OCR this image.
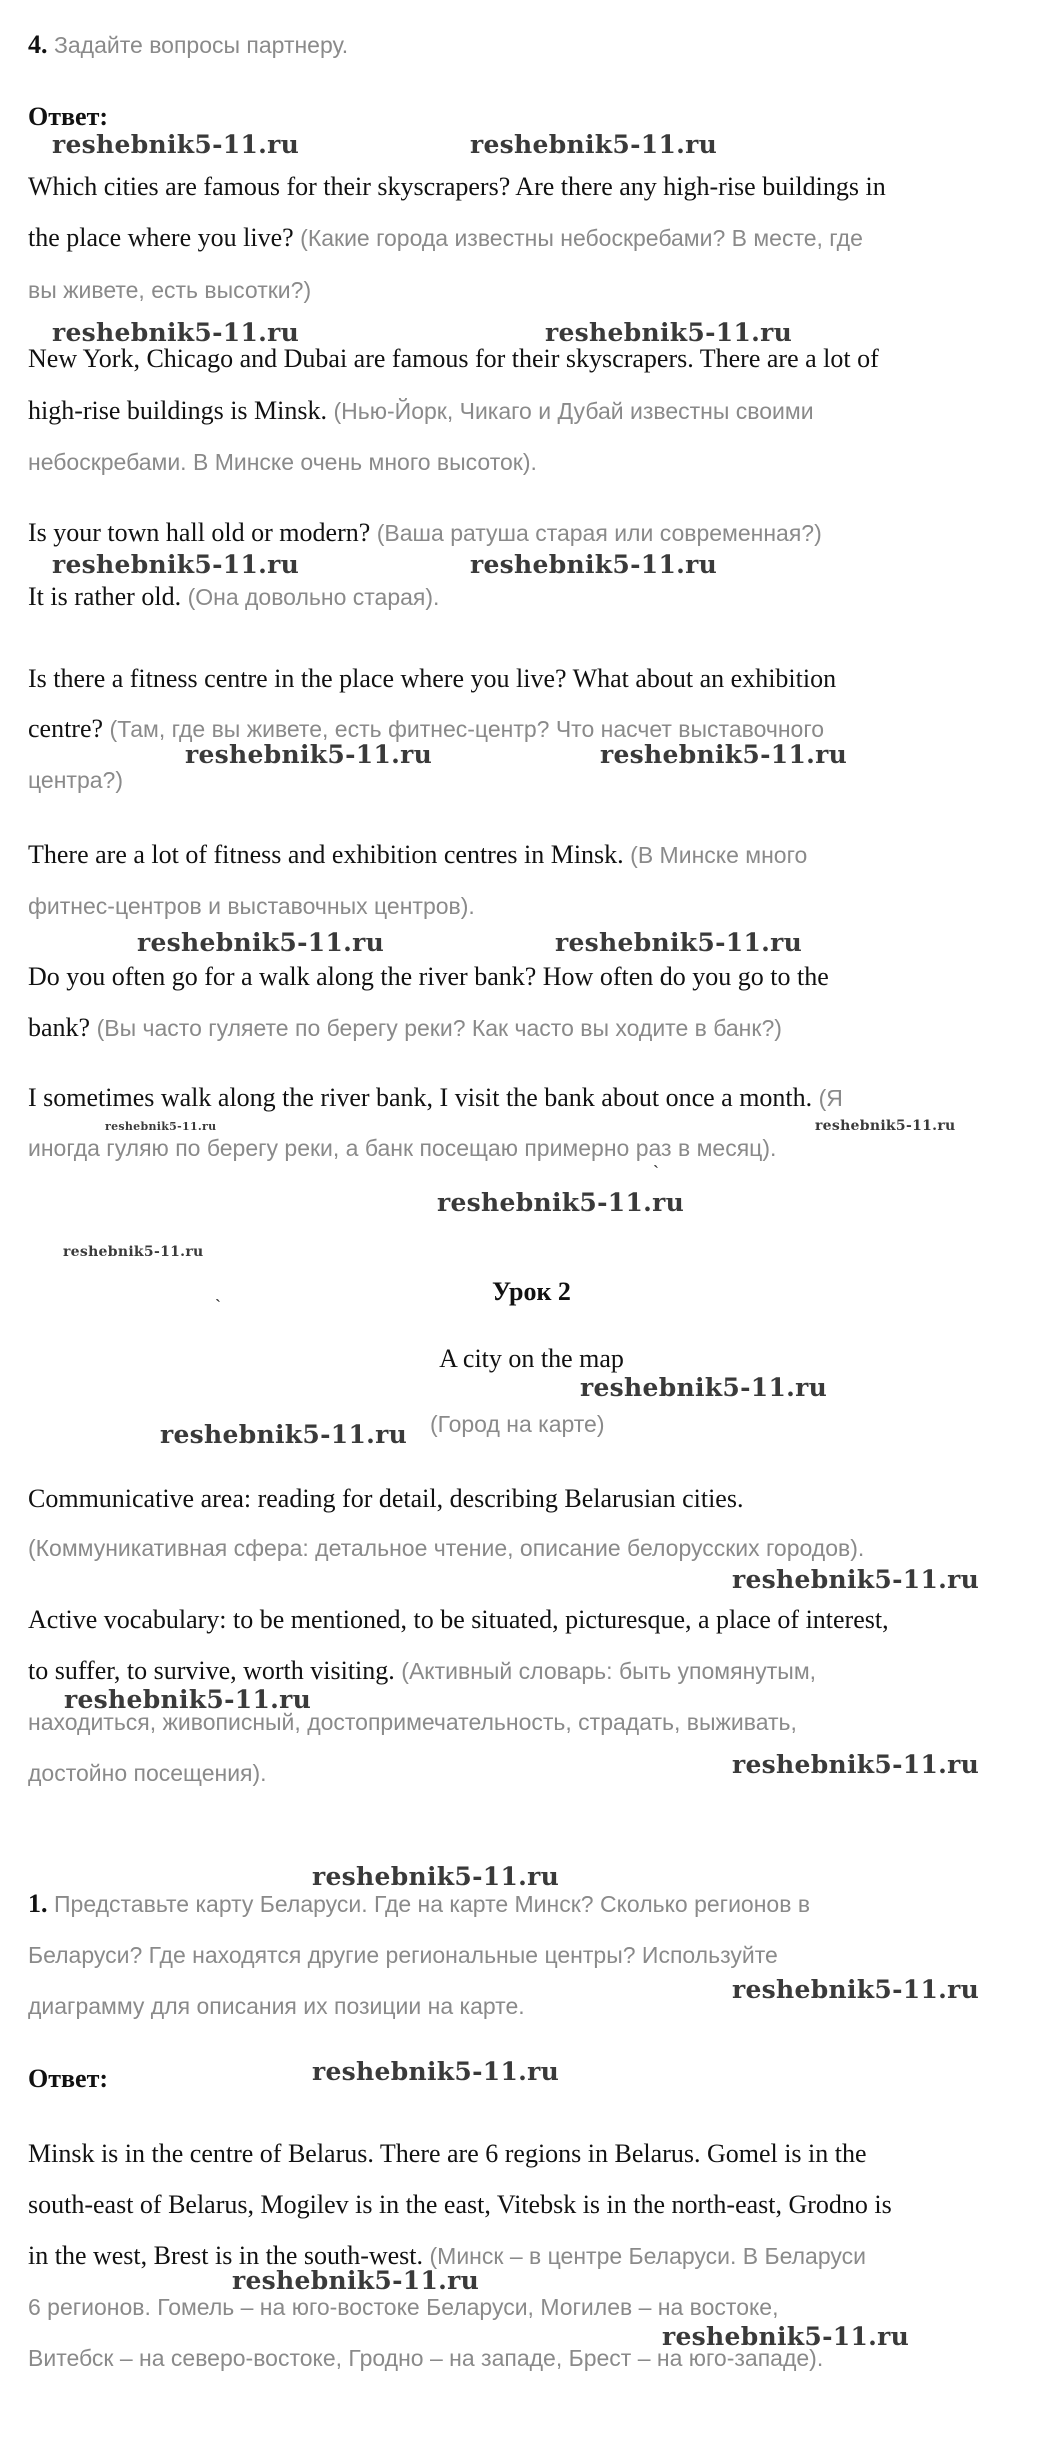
4. Задайте вопросы партнеру.
Ответ:
Which cities are famous for their skyscrapers? Are there any high-rise buildings in
the place where you live? (Какие города известны небоскребами? В месте, где
вы живете, есть высотки?)
New York, Chicago and Dubai are famous for their skyscrapers. There are a lot of
high-rise buildings is Minsk. (Нью-Йорк, Чикаго и Дубай известны своими
небоскребами. В Минске очень много высоток).
Is your town hall old or modern? (Ваша ратуша старая или современная?)
It is rather old. (Она довольно старая).
Is there a fitness centre in the place where you live? What about an exhibition
centre? (Там, где вы живете, есть фитнес-центр? Что насчет выставочного
центра?)
There are a lot of fitness and exhibition centres in Minsk. (В Минске много
фитнес-центров и выставочных центров).
Do you often go for a walk along the river bank? How often do you go to the
bank? (Вы часто гуляете по берегу реки? Как часто вы ходите в банк?)
I sometimes walk along the river bank, I visit the bank about once a month. (Я
иногда гуляю по берегу реки, а банк посещаю примерно раз в месяц).
Урок 2
A city on the map
(Город на карте)
Communicative area: reading for detail, describing Belarusian cities.
(Коммуникативная сфера: детальное чтение, описание белорусских городов).
Active vocabulary: to be mentioned, to be situated, picturesque, a place of interest,
to suffer, to survive, worth visiting. (Активный словарь: быть упомянутым,
находиться, живописный, достопримечательность, страдать, выживать,
достойно посещения).
1. Представьте карту Беларуси. Где на карте Минск? Сколько регионов в
Беларуси? Где находятся другие региональные центры? Используйте
диаграмму для описания их позиции на карте.
Ответ:
Minsk is in the centre of Belarus. There are 6 regions in Belarus. Gomel is in the
south-east of Belarus, Mogilev is in the east, Vitebsk is in the north-east, Grodno is
in the west, Brest is in the south-west. (Минск – в центре Беларуси. В Беларуси
6 регионов. Гомель – на юго-востоке Беларуси, Могилев – на востоке,
Витебск – на северо-востоке, Гродно – на западе, Брест – на юго-западе).
reshebnik5-11.ru	reshebnik5-11.ru
reshebnik5-11.ru	reshebnik5-11.ru
reshebnik5-11.ru	reshebnik5-11.ru
reshebnik5-11.ru	reshebnik5-11.ru
reshebnik5-11.ru	reshebnik5-11.ru
reshebnik5-11.ru	reshebnik5-11.ru
reshebnik5-11.ru
reshebnik5-11.ru
reshebnik5-11.ru
reshebnik5-11.ru
reshebnik5-11.ru
reshebnik5-11.ru
reshebnik5-11.ru
reshebnik5-11.ru
reshebnik5-11.ru
reshebnik5-11.ru
reshebnik5-11.ru
reshebnik5-11.ru
ˋ
ˏ
